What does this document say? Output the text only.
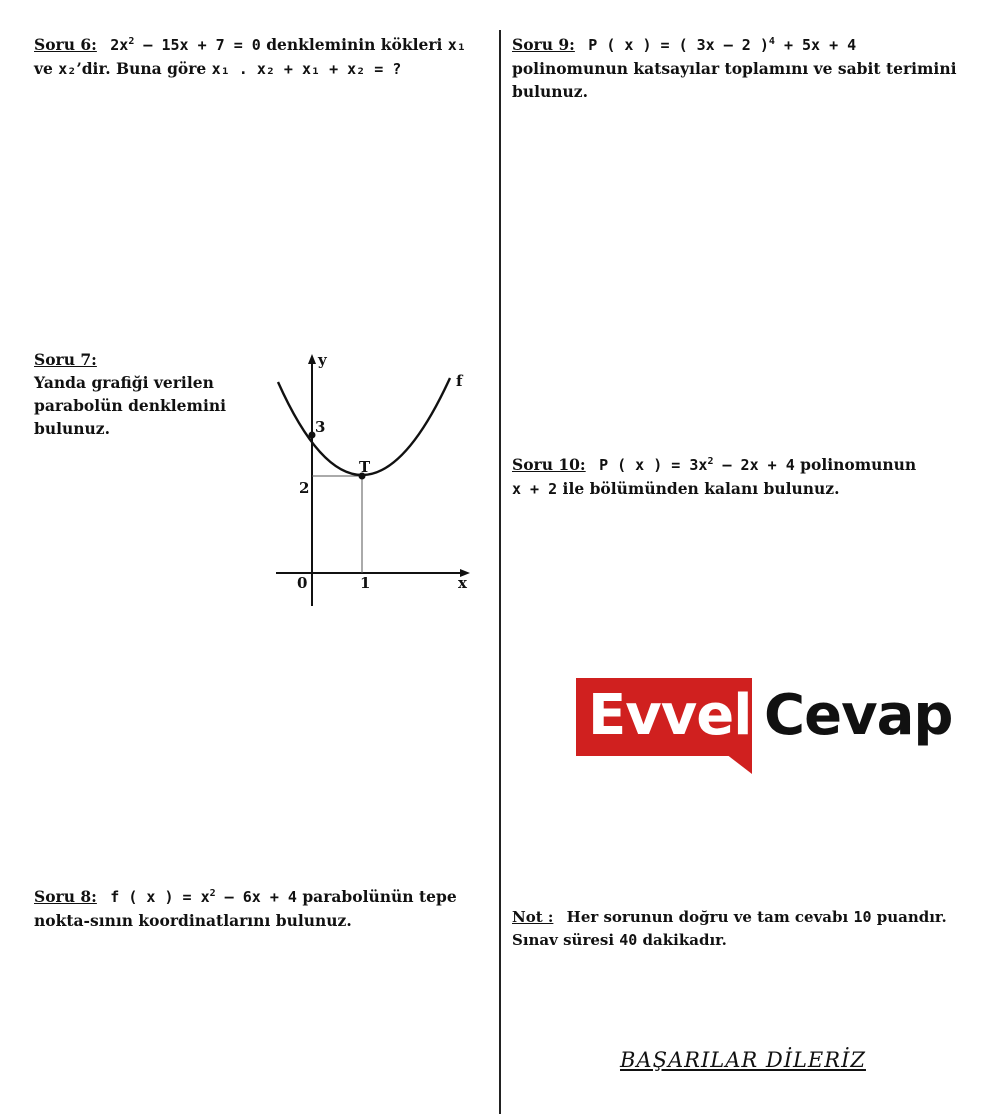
Soru 6: $2x^2 - 15x + 7 = 0$ denkleminin kökleri x₁ ve x₂’dir. Buna göre x₁ . x₂ + x₁ + x₂ = ?
Soru 7:
Yanda grafiği verilen
parabolün denklemini
bulunuz.
y
x
f
3
T
2
0	1
Soru 8: f ( x ) = $x^2 - 6x + 4$ parabolünün tepe nokta-sının koordinatlarını bulunuz.
Soru 9: P ( x ) = ( 3x – 2 )$^4$ + 5x + 4 polinomunun katsayılar toplamını ve sabit terimini bulunuz.
Soru 10: P ( x ) = $3x^2 - 2x + 4$ polinomunun x + 2 ile bölümünden kalanı bulunuz.
Evvel Cevap
Not : Her sorunun doğru ve tam cevabı 10 puandır. Sınav süresi 40 dakikadır.
BAŞARILAR DİLERİZ
